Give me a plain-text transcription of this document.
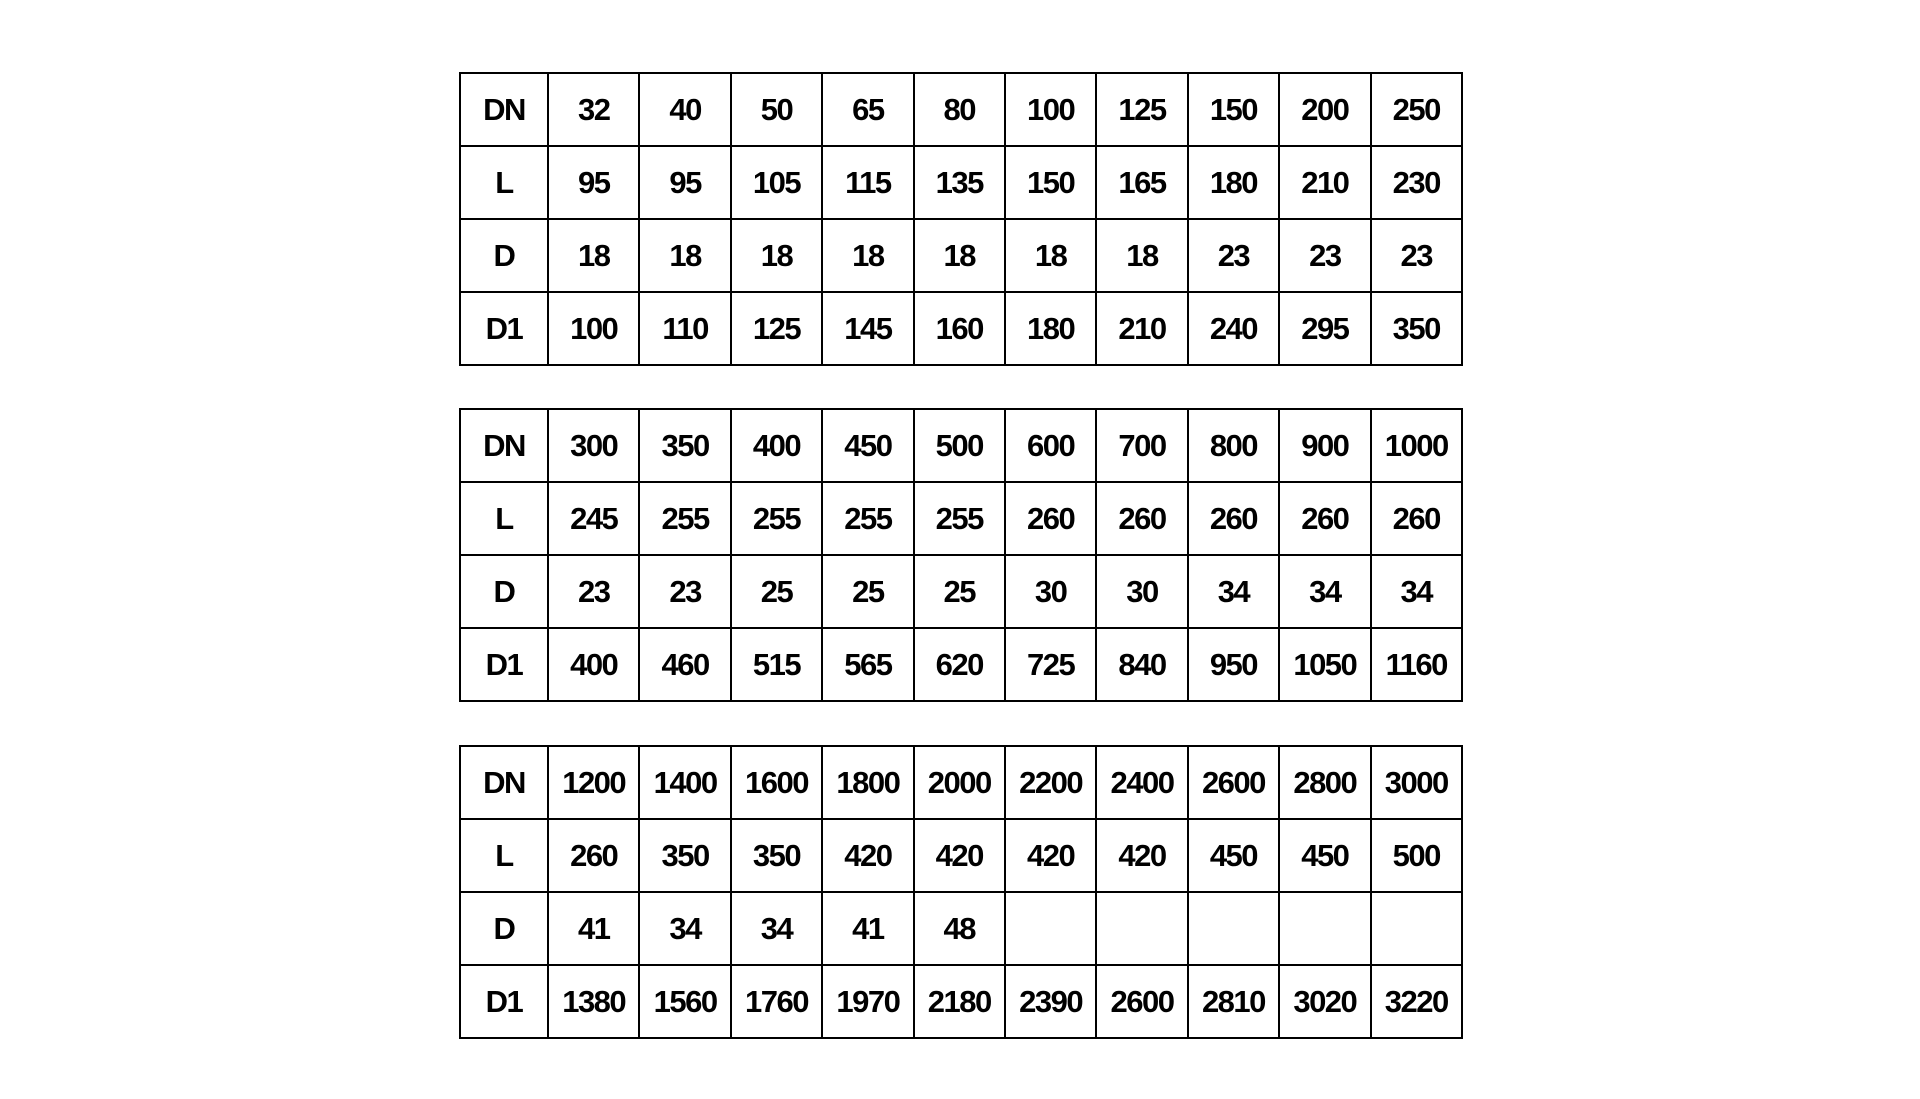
DN	32	40	50	65	80	100	125	150	200	250
L	95	95	105	115	135	150	165	180	210	230
D	18	18	18	18	18	18	18	23	23	23
D1	100	110	125	145	160	180	210	240	295	350
DN	300	350	400	450	500	600	700	800	900	1000
L	245	255	255	255	255	260	260	260	260	260
D	23	23	25	25	25	30	30	34	34	34
D1	400	460	515	565	620	725	840	950	1050	1160
DN	1200	1400	1600	1800	2000	2200	2400	2600	2800	3000
L	260	350	350	420	420	420	420	450	450	500
D	41	34	34	41	48					
D1	1380	1560	1760	1970	2180	2390	2600	2810	3020	3220
